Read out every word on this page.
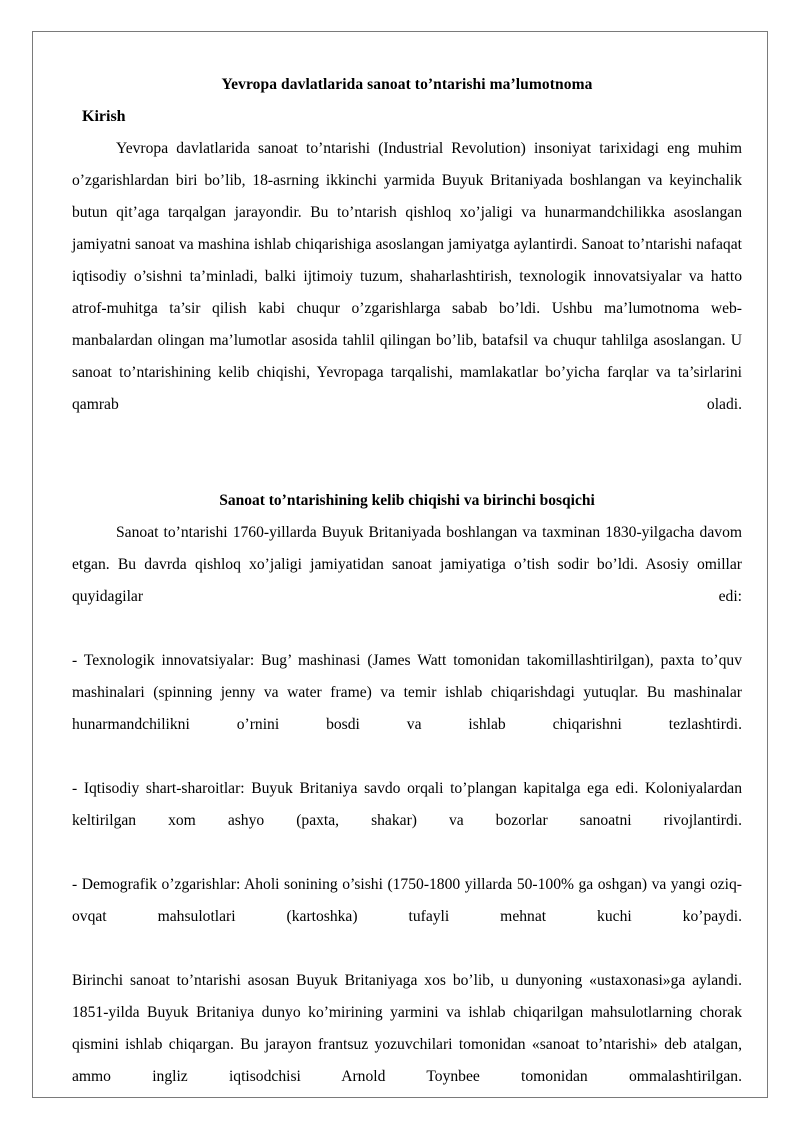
Yevropa davlatlarida sanoat to’ntarishi ma’lumotnoma
Kirish

Yevropa davlatlarida sanoat to’ntarishi (Industrial Revolution) insoniyat tarixidagi eng muhim o’zgarishlardan biri bo’lib, 18-asrning ikkinchi yarmida Buyuk Britaniyada boshlangan va keyinchalik butun qit’aga tarqalgan jarayondir. Bu to’ntarish qishloq xo’jaligi va hunarmandchilikka asoslangan jamiyatni sanoat va mashina ishlab chiqarishiga asoslangan jamiyatga aylantirdi. Sanoat to’ntarishi nafaqat iqtisodiy o’sishni ta’minladi, balki ijtimoiy tuzum, shaharlashtirish, texnologik innovatsiyalar va hatto atrof-muhitga ta’sir qilish kabi chuqur o’zgarishlarga sabab bo’ldi. Ushbu ma’lumotnoma web-manbalardan olingan ma’lumotlar asosida tahlil qilingan bo’lib, batafsil va chuqur tahlilga asoslangan. U sanoat to’ntarishining kelib chiqishi, Yevropaga tarqalishi, mamlakatlar bo’yicha farqlar va ta’sirlarini qamrab oladi.

Sanoat to’ntarishining kelib chiqishi va birinchi bosqichi

Sanoat to’ntarishi 1760-yillarda Buyuk Britaniyada boshlangan va taxminan 1830-yilgacha davom etgan. Bu davrda qishloq xo’jaligi jamiyatidan sanoat jamiyatiga o’tish sodir bo’ldi. Asosiy omillar quyidagilar edi:

- Texnologik innovatsiyalar: Bug’ mashinasi (James Watt tomonidan takomillashtirilgan), paxta to’quv mashinalari (spinning jenny va water frame) va temir ishlab chiqarishdagi yutuqlar. Bu mashinalar hunarmandchilikni o’rnini bosdi va ishlab chiqarishni tezlashtirdi.

- Iqtisodiy shart-sharoitlar: Buyuk Britaniya savdo orqali to’plangan kapitalga ega edi. Koloniyalardan keltirilgan xom ashyo (paxta, shakar) va bozorlar sanoatni rivojlantirdi.

- Demografik o’zgarishlar: Aholi sonining o’sishi (1750-1800 yillarda 50-100% ga oshgan) va yangi oziq-ovqat mahsulotlari (kartoshka) tufayli mehnat kuchi ko’paydi.

Birinchi sanoat to’ntarishi asosan Buyuk Britaniyaga xos bo’lib, u dunyoning «ustaxonasi»ga aylandi. 1851-yilda Buyuk Britaniya dunyo ko’mirining yarmini va ishlab chiqarilgan mahsulotlarning chorak qismini ishlab chiqargan. Bu jarayon frantsuz yozuvchilari tomonidan «sanoat to’ntarishi» deb atalgan, ammo ingliz iqtisodchisi Arnold Toynbee tomonidan ommalashtirilgan.
